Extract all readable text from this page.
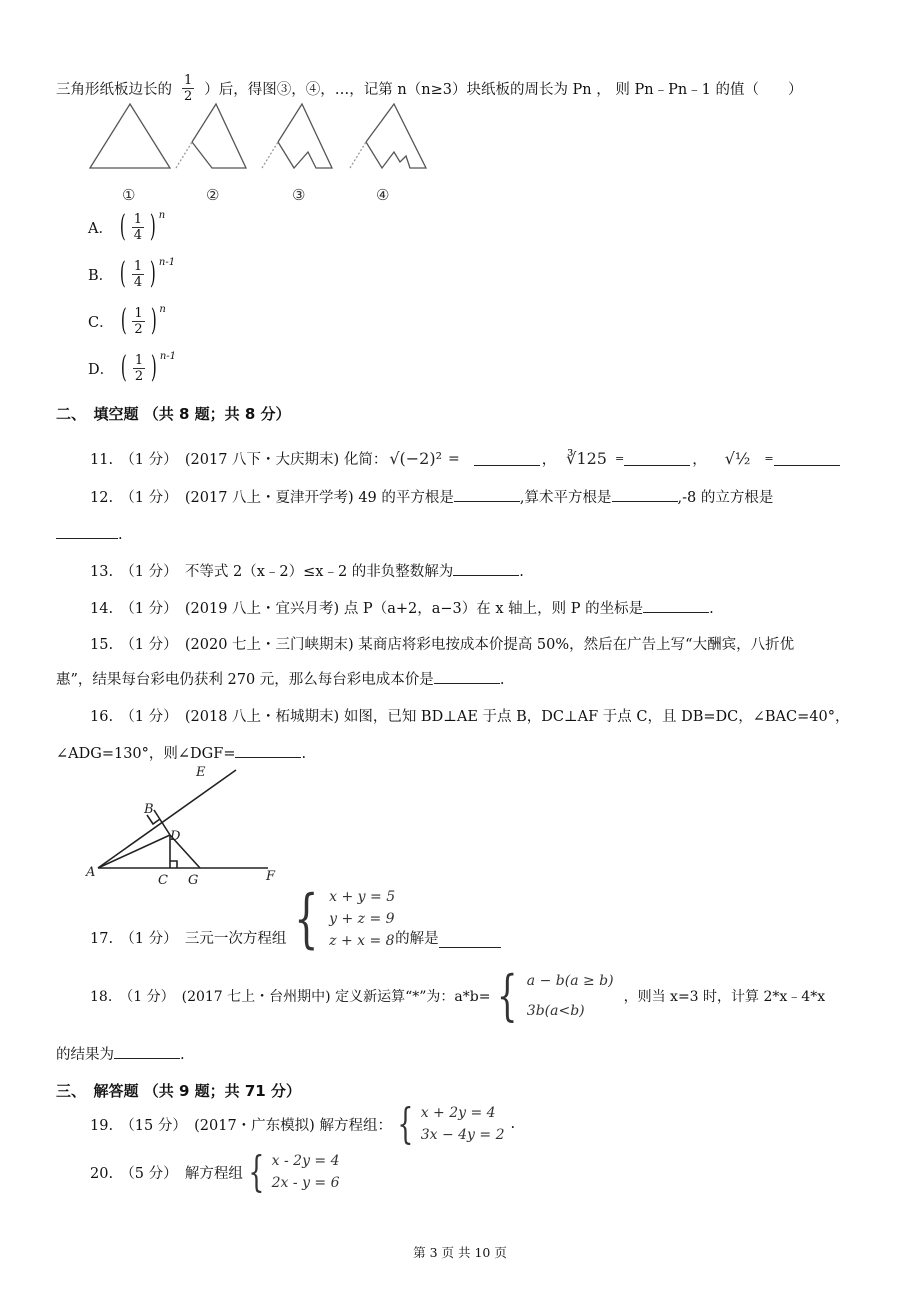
三角形纸板边长的 $\frac{1}{2}$ ）后，得图③，④，…，记第 n（n≥3）块纸板的周长为 Pn ， 则 Pn﹣Pn﹣1 的值（　　）
①	②	③	④
A． ( $\frac{1}{4}$ ) $^n$
B． ( $\frac{1}{4}$ ) $^{n-1}$
C． ( $\frac{1}{2}$ ) $^n$
D． ( $\frac{1}{2}$ ) $^{n-1}$
二、　填空题 （共 8 题；共 8 分）
11.　（1 分）　(2017 八下・大庆期末) 化简： √(−2)² =	， ∛125 =	， √½ =
12.　（1 分）　(2017 八上・夏津开学考) 49 的平方根是	,算术平方根是	,-8 的立方根是
.
13.　（1 分）　不等式 2（x﹣2）≤x﹣2 的非负整数解为	.
14.　（1 分）　(2019 八上・宜兴月考) 点 P（a+2，a−3）在 x 轴上，则 P 的坐标是	.
15.　（1 分）　(2020 七上・三门峡期末) 某商店将彩电按成本价提高 50%，然后在广告上写“大酬宾，八折优
惠”，结果每台彩电仍获利 270 元，那么每台彩电成本价是	.
16.　（1 分）　(2018 八上・柘城期末) 如图，已知 BD⊥AE 于点 B，DC⊥AF 于点 C，且 DB=DC，∠BAC=40°，
∠ADG=130°，则∠DGF=	.
E
B
D
A
C G	F
17.　（1 分）　三元一次方程组 { x + y = 5
y + z = 9
z + x = 8 的解是
18.　（1 分）　(2017 七上・台州期中) 定义新运算“*”为：a*b= { a − b(a ≥ b)
3b(a<b)
，则当 x=3 时，计算 2*x﹣4*x
的结果为	.
三、　解答题 （共 9 题；共 71 分）
19.　（15 分）　(2017・广东模拟) 解方程组： { x + 2y = 4
3x − 4y = 2
.
20.　（5 分）　解方程组 { x - 2y = 4
2x - y = 6
第 3 页 共 10 页
